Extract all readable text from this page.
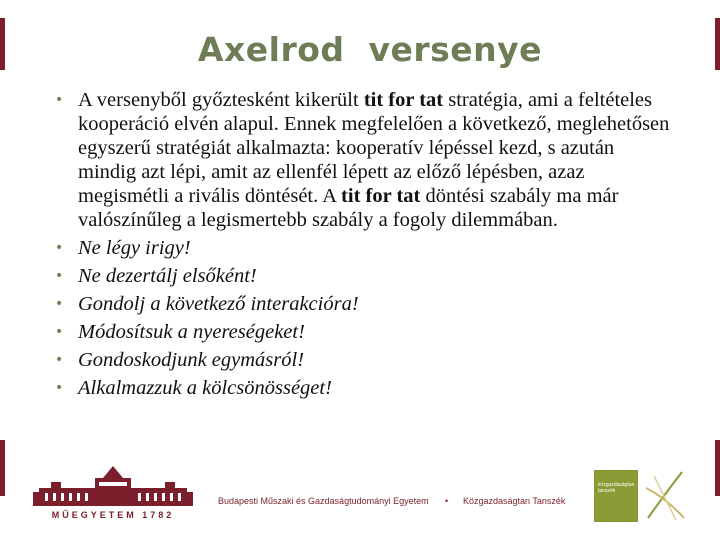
Axelrod  versenye
• A versenyből győztesként kikerült tit for tat stratégia, ami a feltételes kooperáció elvén alapul. Ennek megfelelően a következő, meglehetősen egyszerű stratégiát alkalmazta: kooperatív lépéssel kezd, s azután mindig azt lépi, amit az ellenfél lépett az előző lépésben, azaz megismétli a rivális döntését. A tit for tat döntési szabály ma már valószínűleg a legismertebb szabály a fogoly dilemmában.
• Ne légy irigy!
• Ne dezertálj elsőként!
• Gondolj a következő interakcióra!
• Módosítsuk a nyereségeket!
• Gondoskodjunk egymásról!
• Alkalmazzuk a kölcsönösséget!
MŰEGYETEM 1782
Budapesti Műszaki és Gazdaságtudományi Egyetem • Közgazdaságtan Tanszék
közgazdaságtan
tanszék
